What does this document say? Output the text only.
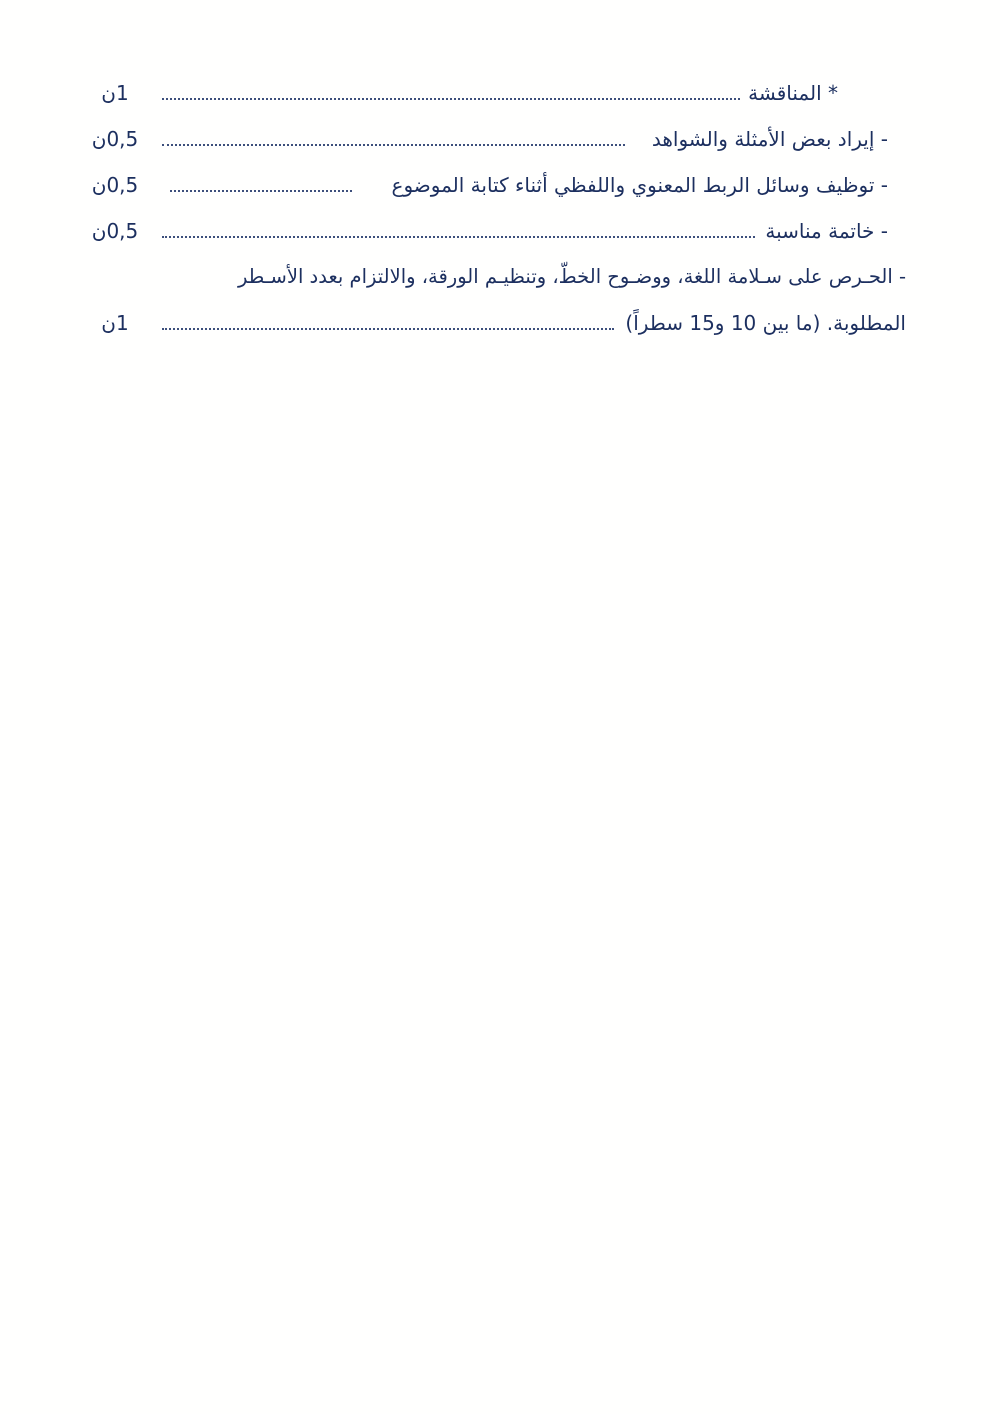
* المناقشة
1ن
- إيراد بعض الأمثلة والشواهد
0,5ن
- توظيف وسائل الربط المعنوي واللفظي أثناء كتابة الموضوع
0,5ن
- خاتمة مناسبة
0,5ن
- الحـرص على سـلامة اللغة، ووضـوح الخطّ، وتنظيـم الورقة، والالتزام بعدد الأسـطر
المطلوبة. (ما بين 10 و15 سطراً)
1ن
